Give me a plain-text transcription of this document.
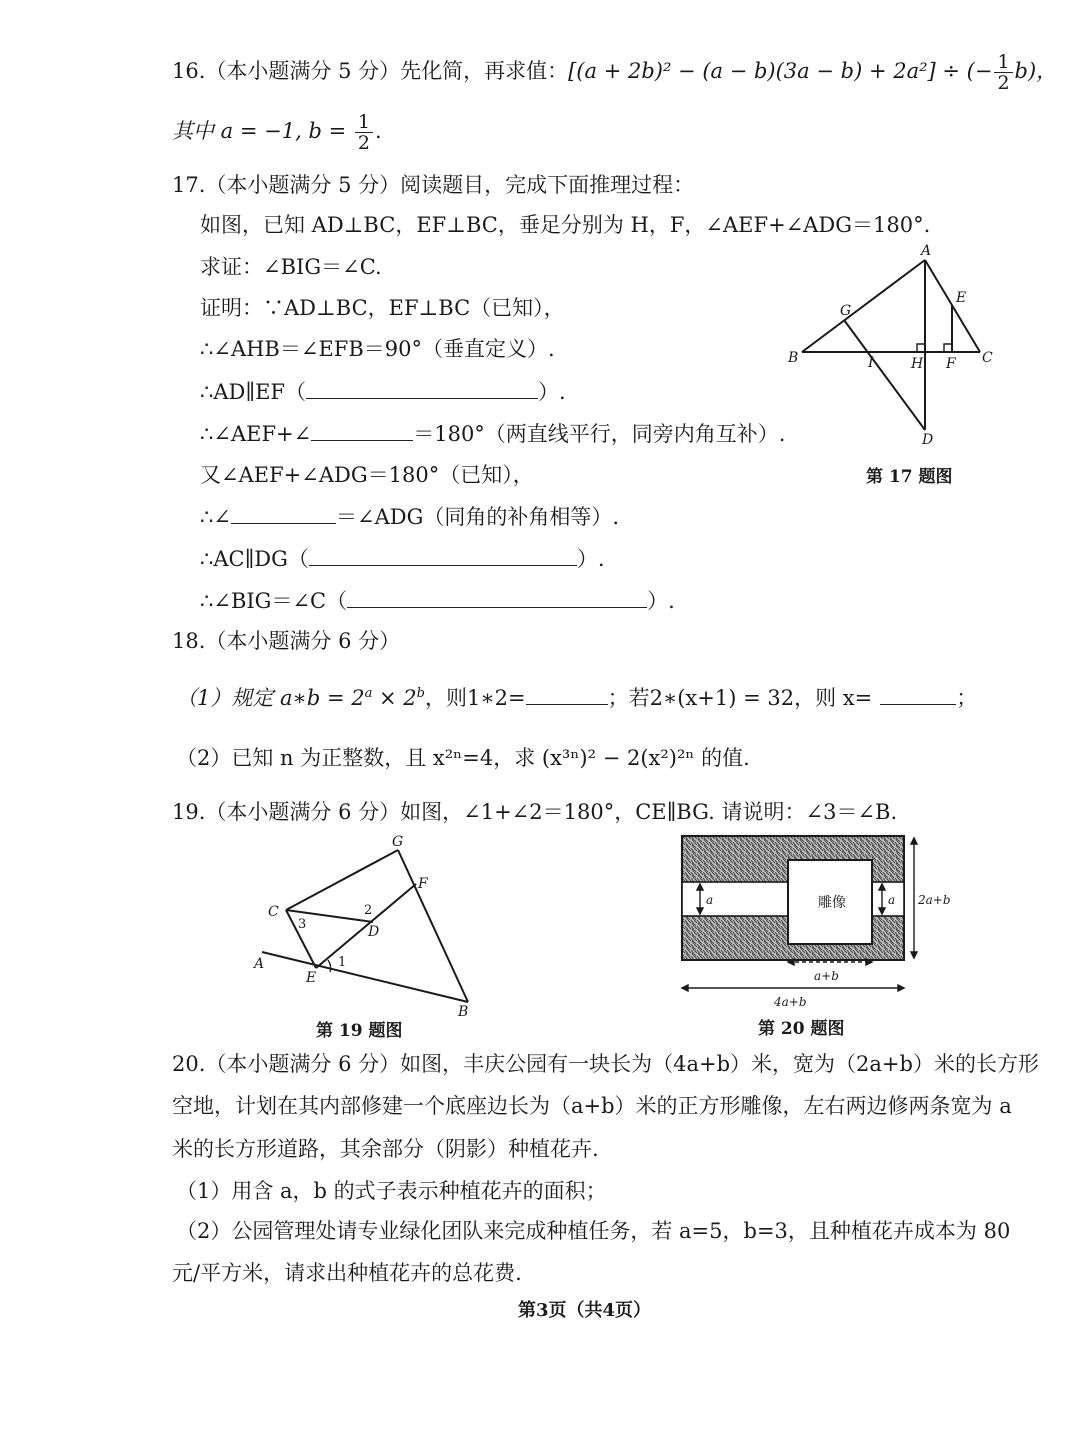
16.（本小题满分 5 分）先化简，再求值：[(a + 2b)² − (a − b)(3a − b) + 2a²] ÷ (− $\frac{1}{2} b$)，
其中 a = −1, $b = \frac{1}{2}$ .
17.（本小题满分 5 分）阅读题目，完成下面推理过程：
如图，已知 AD⊥BC，EF⊥BC，垂足分别为 H，F，∠AEF+∠ADG＝180°.
求证：∠BIG＝∠C.
证明：∵AD⊥BC，EF⊥BC（已知），
∴∠AHB＝∠EFB＝90°（垂直定义）.
∴AD∥EF（	）.
∴∠AEF+∠	＝180°（两直线平行，同旁内角互补）.
又∠AEF+∠ADG＝180°（已知），
∴∠	＝∠ADG（同角的补角相等）.
∴AC∥DG（	）.
∴∠BIG＝∠C（	）.
A
B	C
D
E
F
G
H
I
第 17 题图
18.（本小题满分 6 分）
（1）规定 a∗b = $2^a \times 2^b$，则1∗2=	；若2∗(x+1) = 32，则 x=	；
（2）已知 n 为正整数，且 x²ⁿ=4，求 (x³ⁿ)² − 2(x²)²ⁿ 的值.
19.（本小题满分 6 分）如图，∠1+∠2＝180°，CE∥BG. 请说明：∠3＝∠B.
A
B
C
D
E
F
G
1
2
3
第 19 题图
雕像
a	a 2a+b
a+b
4a+b
第 20 题图
20.（本小题满分 6 分）如图，丰庆公园有一块长为（4a+b）米，宽为（2a+b）米的长方形
空地，计划在其内部修建一个底座边长为（a+b）米的正方形雕像，左右两边修两条宽为 a
米的长方形道路，其余部分（阴影）种植花卉.
（1）用含 a，b 的式子表示种植花卉的面积；
（2）公园管理处请专业绿化团队来完成种植任务，若 a=5，b=3，且种植花卉成本为 80
元/平方米，请求出种植花卉的总花费.
第3页（共4页）
